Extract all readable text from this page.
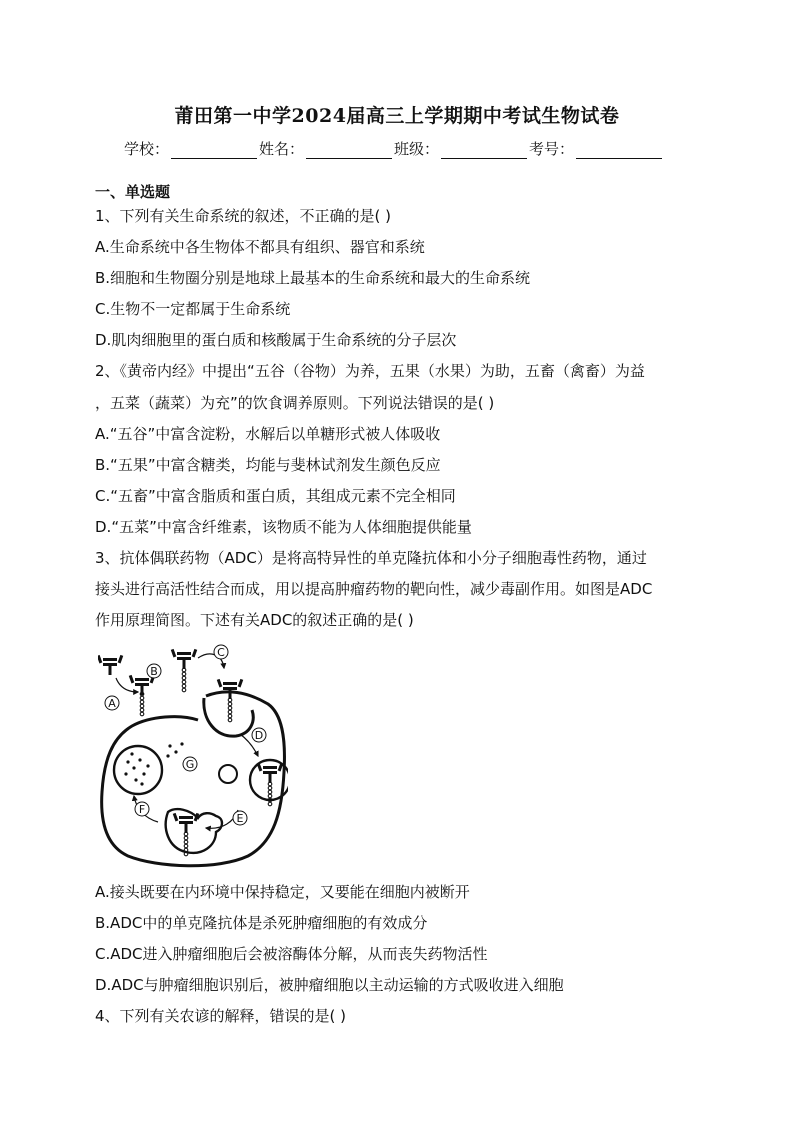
莆田第一中学2024届高三上学期期中考试生物试卷
学校：	姓名：	班级：	考号：
一、单选题
1、下列有关生命系统的叙述，不正确的是( )
A.生命系统中各生物体不都具有组织、器官和系统
B.细胞和生物圈分别是地球上最基本的生命系统和最大的生命系统
C.生物不一定都属于生命系统
D.肌肉细胞里的蛋白质和核酸属于生命系统的分子层次
2、《黄帝内经》中提出“五谷（谷物）为养，五果（水果）为助，五畜（禽畜）为益
，五菜（蔬菜）为充”的饮食调养原则。下列说法错误的是( )
A.“五谷”中富含淀粉，水解后以单糖形式被人体吸收
B.“五果”中富含糖类，均能与斐林试剂发生颜色反应
C.“五畜”中富含脂质和蛋白质，其组成元素不完全相同
D.“五菜”中富含纤维素，该物质不能为人体细胞提供能量
3、抗体偶联药物（ADC）是将高特异性的单克隆抗体和小分子细胞毒性药物，通过
接头进行高活性结合而成，用以提高肿瘤药物的靶向性，减少毒副作用。如图是ADC
作用原理简图。下述有关ADC的叙述正确的是( )
A
B
C
D
E
F
G
A.接头既要在内环境中保持稳定，又要能在细胞内被断开
B.ADC中的单克隆抗体是杀死肿瘤细胞的有效成分
C.ADC进入肿瘤细胞后会被溶酶体分解，从而丧失药物活性
D.ADC与肿瘤细胞识别后，被肿瘤细胞以主动运输的方式吸收进入细胞
4、下列有关农谚的解释，错误的是( )
